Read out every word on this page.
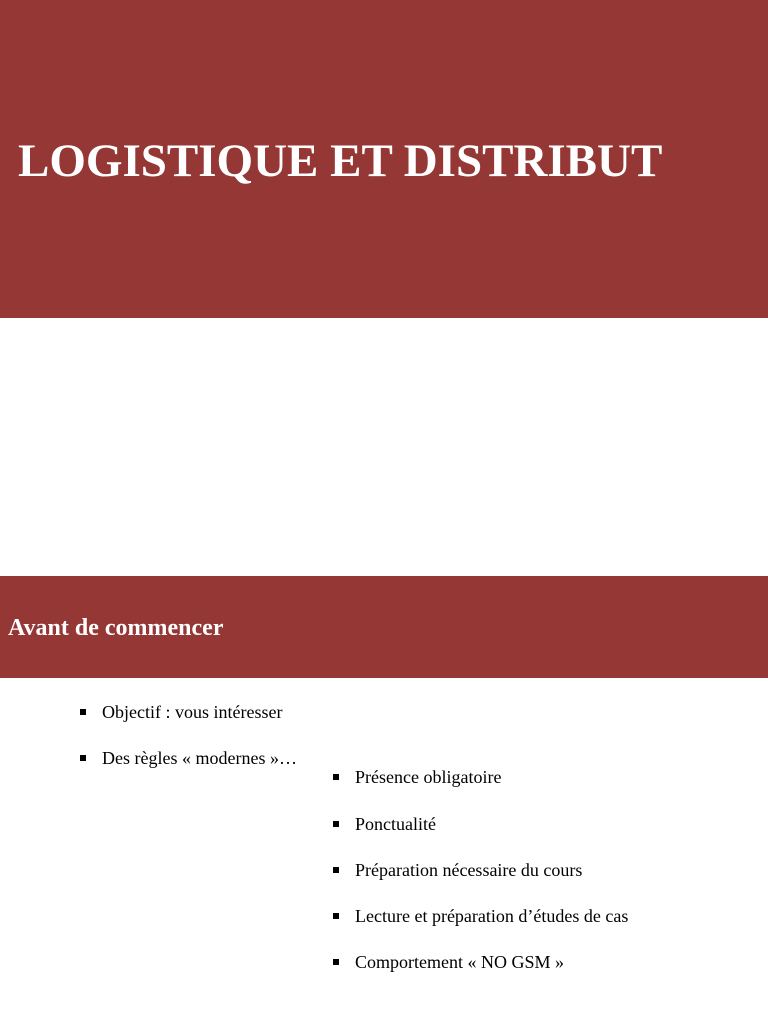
LOGISTIQUE ET DISTRIBUT
Avant de commencer
Objectif : vous intéresser
Des règles « modernes »…
Présence obligatoire
Ponctualité
Préparation nécessaire du cours
Lecture et préparation d’études de cas
Comportement « NO GSM »
